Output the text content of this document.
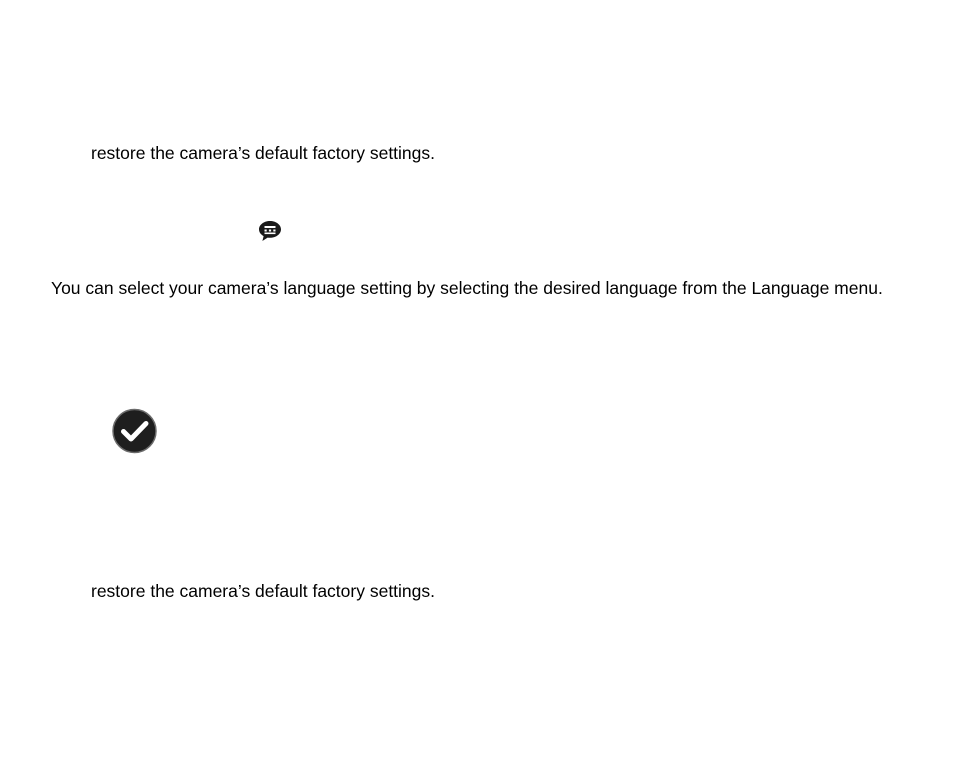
restore the camera’s default factory settings.
You can select your camera’s language setting by selecting the desired language from the Language menu.
restore the camera’s default factory settings.
